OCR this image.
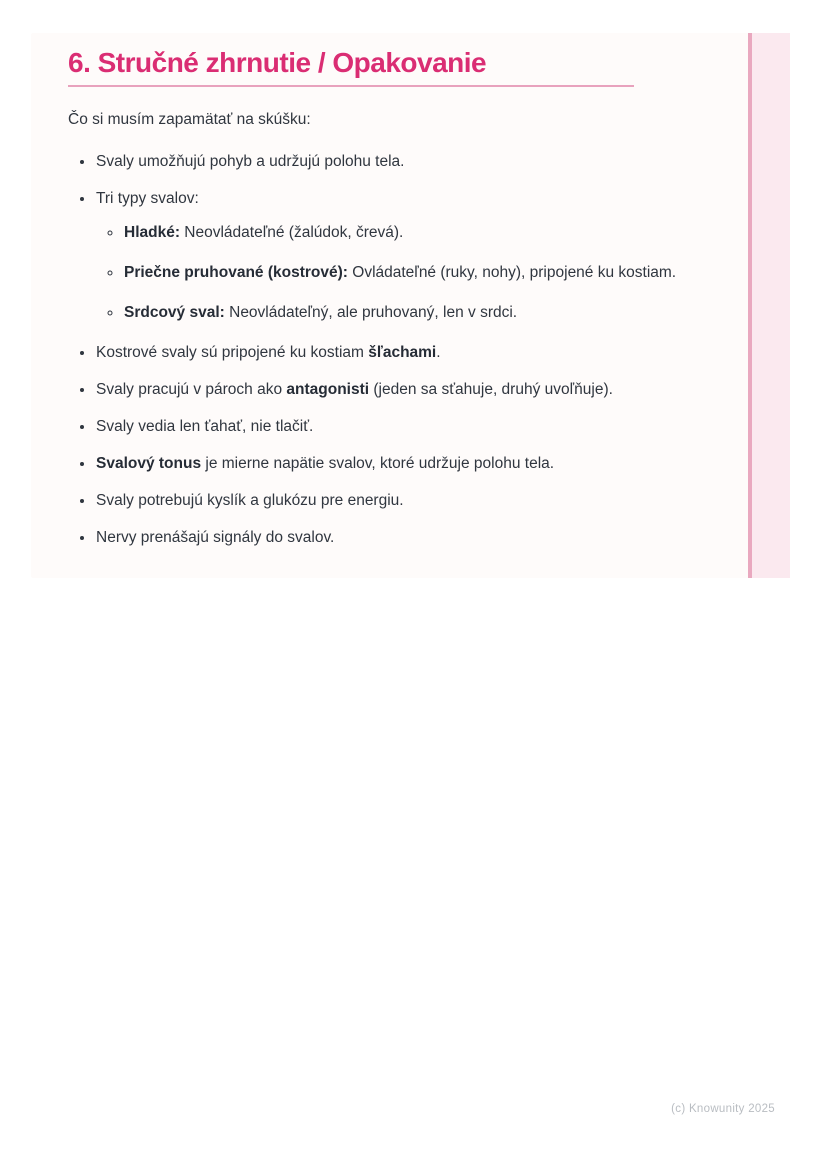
6. Stručné zhrnutie / Opakovanie

Čo si musím zapamätať na skúšku:

• Svaly umožňujú pohyb a udržujú polohu tela.
• Tri typy svalov:
◦ Hladké: Neovládateľné (žalúdok, črevá).
◦ Priečne pruhované (kostrové): Ovládateľné (ruky, nohy), pripojené ku kostiam.
◦ Srdcový sval: Neovládateľný, ale pruhovaný, len v srdci.
• Kostrové svaly sú pripojené ku kostiam šľachami.
• Svaly pracujú v pároch ako antagonisti (jeden sa sťahuje, druhý uvoľňuje).
• Svaly vedia len ťahať, nie tlačiť.
• Svalový tonus je mierne napätie svalov, ktoré udržuje polohu tela.
• Svaly potrebujú kyslík a glukózu pre energiu.
• Nervy prenášajú signály do svalov.
(c) Knowunity 2025
